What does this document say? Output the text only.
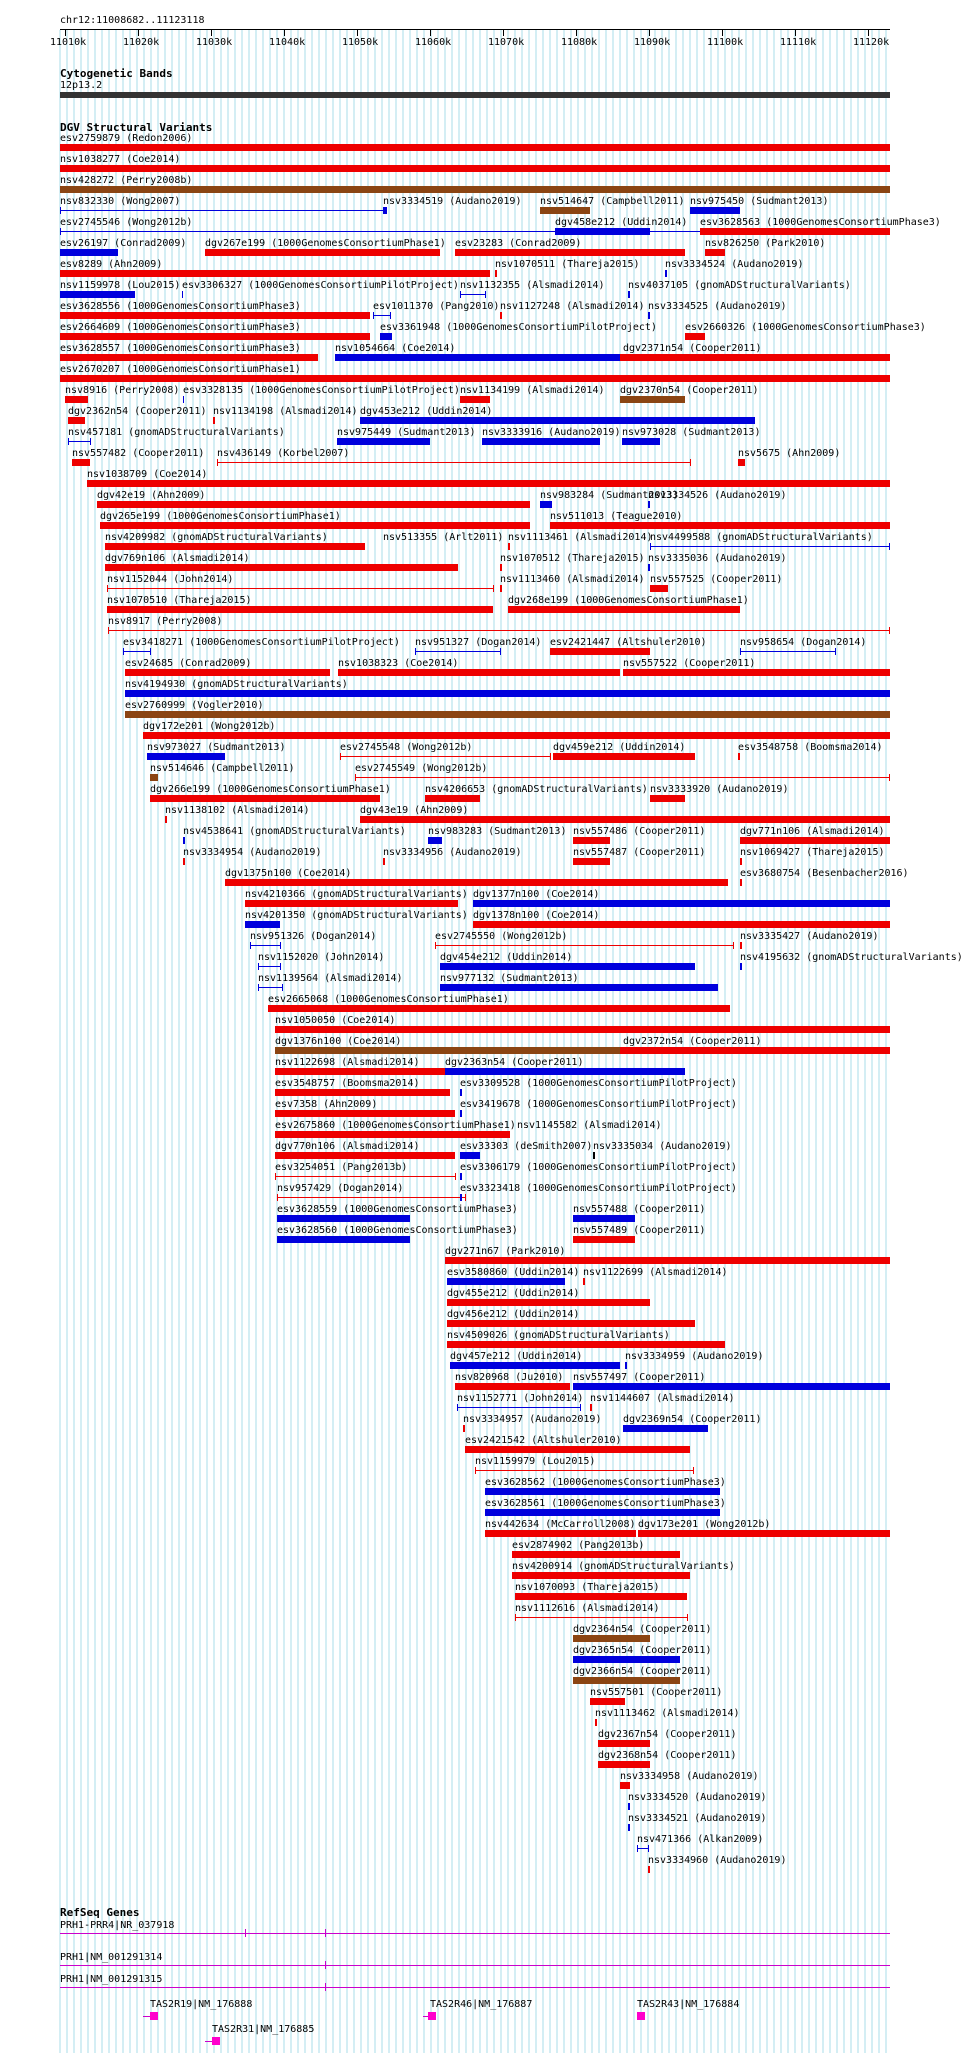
chr12:11008682..11123118
11010k	11020k	11030k	11040k	11050k	11060k	11070k	11080k	11090k	11100k	11110k	11120k
Cytogenetic Bands
12p13.2
DGV Structural Variants
esv2759879 (Redon2006)
nsv1038277 (Coe2014)
nsv428272 (Perry2008b)
nsv832330 (Wong2007)	nsv3334519 (Audano2019) nsv514647 (Campbell2011) nsv975450 (Sudmant2013)
esv2745546 (Wong2012b)	dgv458e212 (Uddin2014) esv3628563 (1000GenomesConsortiumPhase3)
esv26197 (Conrad2009) dgv267e199 (1000GenomesConsortiumPhase1) esv23283 (Conrad2009)	nsv826250 (Park2010)
esv8289 (Ahn2009)	nsv1070511 (Thareja2015)	nsv3334524 (Audano2019)
nsv1159978 (Lou2015) esv3306327 (1000GenomesConsortiumPilotProject) nsv1132355 (Alsmadi2014) nsv4037105 (gnomADStructuralVariants)
esv3628556 (1000GenomesConsortiumPhase3)	esv1011370 (Pang2010) nsv1127248 (Alsmadi2014) nsv3334525 (Audano2019)
esv2664609 (1000GenomesConsortiumPhase3)	esv3361948 (1000GenomesConsortiumPilotProject)	esv2660326 (1000GenomesConsortiumPhase3)
esv3628557 (1000GenomesConsortiumPhase3)	nsv1054664 (Coe2014)	dgv2371n54 (Cooper2011)
esv2670207 (1000GenomesConsortiumPhase1)
nsv8916 (Perry2008) esv3328135 (1000GenomesConsortiumPilotProject) nsv1134199 (Alsmadi2014) dgv2370n54 (Cooper2011)
dgv2362n54 (Cooper2011) nsv1134198 (Alsmadi2014) dgv453e212 (Uddin2014)
nsv457181 (gnomADStructuralVariants)	nsv975449 (Sudmant2013) nsv3333916 (Audano2019) nsv973028 (Sudmant2013)
nsv557482 (Cooper2011) nsv436149 (Korbel2007)	nsv5675 (Ahn2009)
nsv1038709 (Coe2014)
dgv42e19 (Ahn2009)	nsv983284 (Sudmant2013)
nsv3334526 (Audano2019)
dgv265e199 (1000GenomesConsortiumPhase1)	nsv511013 (Teague2010)
nsv4209982 (gnomADStructuralVariants)	nsv513355 (Arlt2011) nsv1113461 (Alsmadi2014)
nsv4499588 (gnomADStructuralVariants)
dgv769n106 (Alsmadi2014)	nsv1070512 (Thareja2015) nsv3335036 (Audano2019)
nsv1152044 (John2014)	nsv1113460 (Alsmadi2014) nsv557525 (Cooper2011)
nsv1070510 (Thareja2015)	dgv268e199 (1000GenomesConsortiumPhase1)
nsv8917 (Perry2008)
esv3418271 (1000GenomesConsortiumPilotProject) nsv951327 (Dogan2014) esv2421447 (Altshuler2010)	nsv958654 (Dogan2014)
esv24685 (Conrad2009)	nsv1038323 (Coe2014)	nsv557522 (Cooper2011)
nsv4194930 (gnomADStructuralVariants)
esv2760999 (Vogler2010)
dgv172e201 (Wong2012b)
nsv973027 (Sudmant2013)	esv2745548 (Wong2012b)	dgv459e212 (Uddin2014)	esv3548758 (Boomsma2014)
nsv514646 (Campbell2011)	esv2745549 (Wong2012b)
dgv266e199 (1000GenomesConsortiumPhase1)	nsv4206653 (gnomADStructuralVariants) nsv3333920 (Audano2019)
nsv1138102 (Alsmadi2014)	dgv43e19 (Ahn2009)
nsv4538641 (gnomADStructuralVariants) nsv983283 (Sudmant2013) nsv557486 (Cooper2011)	dgv771n106 (Alsmadi2014)
nsv3334954 (Audano2019)	nsv3334956 (Audano2019)	nsv557487 (Cooper2011)	nsv1069427 (Thareja2015)
dgv1375n100 (Coe2014)	esv3680754 (Besenbacher2016)
nsv4210366 (gnomADStructuralVariants) dgv1377n100 (Coe2014)
nsv4201350 (gnomADStructuralVariants) dgv1378n100 (Coe2014)
nsv951326 (Dogan2014)	esv2745550 (Wong2012b)	nsv3335427 (Audano2019)
nsv1152020 (John2014)	dgv454e212 (Uddin2014)	nsv4195632 (gnomADStructuralVariants)
nsv1139564 (Alsmadi2014)	nsv977132 (Sudmant2013)
esv2665068 (1000GenomesConsortiumPhase1)
nsv1050050 (Coe2014)
dgv1376n100 (Coe2014)	dgv2372n54 (Cooper2011)
nsv1122698 (Alsmadi2014)	dgv2363n54 (Cooper2011)
esv3548757 (Boomsma2014)	esv3309528 (1000GenomesConsortiumPilotProject)
esv7358 (Ahn2009)	esv3419678 (1000GenomesConsortiumPilotProject)
esv2675860 (1000GenomesConsortiumPhase1) nsv1145582 (Alsmadi2014)
dgv770n106 (Alsmadi2014)	esv33303 (deSmith2007) nsv3335034 (Audano2019)
esv3254051 (Pang2013b)	esv3306179 (1000GenomesConsortiumPilotProject)
nsv957429 (Dogan2014)	esv3323418 (1000GenomesConsortiumPilotProject)
esv3628559 (1000GenomesConsortiumPhase3)	nsv557488 (Cooper2011)
esv3628560 (1000GenomesConsortiumPhase3)	nsv557489 (Cooper2011)
dgv271n67 (Park2010)
esv3580860 (Uddin2014) nsv1122699 (Alsmadi2014)
dgv455e212 (Uddin2014)
dgv456e212 (Uddin2014)
nsv4509026 (gnomADStructuralVariants)
dgv457e212 (Uddin2014)	nsv3334959 (Audano2019)
nsv820968 (Ju2010) nsv557497 (Cooper2011)
nsv1152771 (John2014) nsv1144607 (Alsmadi2014)
nsv3334957 (Audano2019) dgv2369n54 (Cooper2011)
esv2421542 (Altshuler2010)
nsv1159979 (Lou2015)
esv3628562 (1000GenomesConsortiumPhase3)
esv3628561 (1000GenomesConsortiumPhase3)
nsv442634 (McCarroll2008) dgv173e201 (Wong2012b)
esv2874902 (Pang2013b)
nsv4200914 (gnomADStructuralVariants)
nsv1070093 (Thareja2015)
nsv1112616 (Alsmadi2014)
dgv2364n54 (Cooper2011)
dgv2365n54 (Cooper2011)
dgv2366n54 (Cooper2011)
nsv557501 (Cooper2011)
nsv1113462 (Alsmadi2014)
dgv2367n54 (Cooper2011)
dgv2368n54 (Cooper2011)
nsv3334958 (Audano2019)
nsv3334520 (Audano2019)
nsv3334521 (Audano2019)
nsv471366 (Alkan2009)
nsv3334960 (Audano2019)
RefSeq Genes
PRH1-PRR4|NR_037918
PRH1|NM_001291314
PRH1|NM_001291315
TAS2R19|NM_176888	TAS2R46|NM_176887	TAS2R43|NM_176884
TAS2R31|NM_176885
